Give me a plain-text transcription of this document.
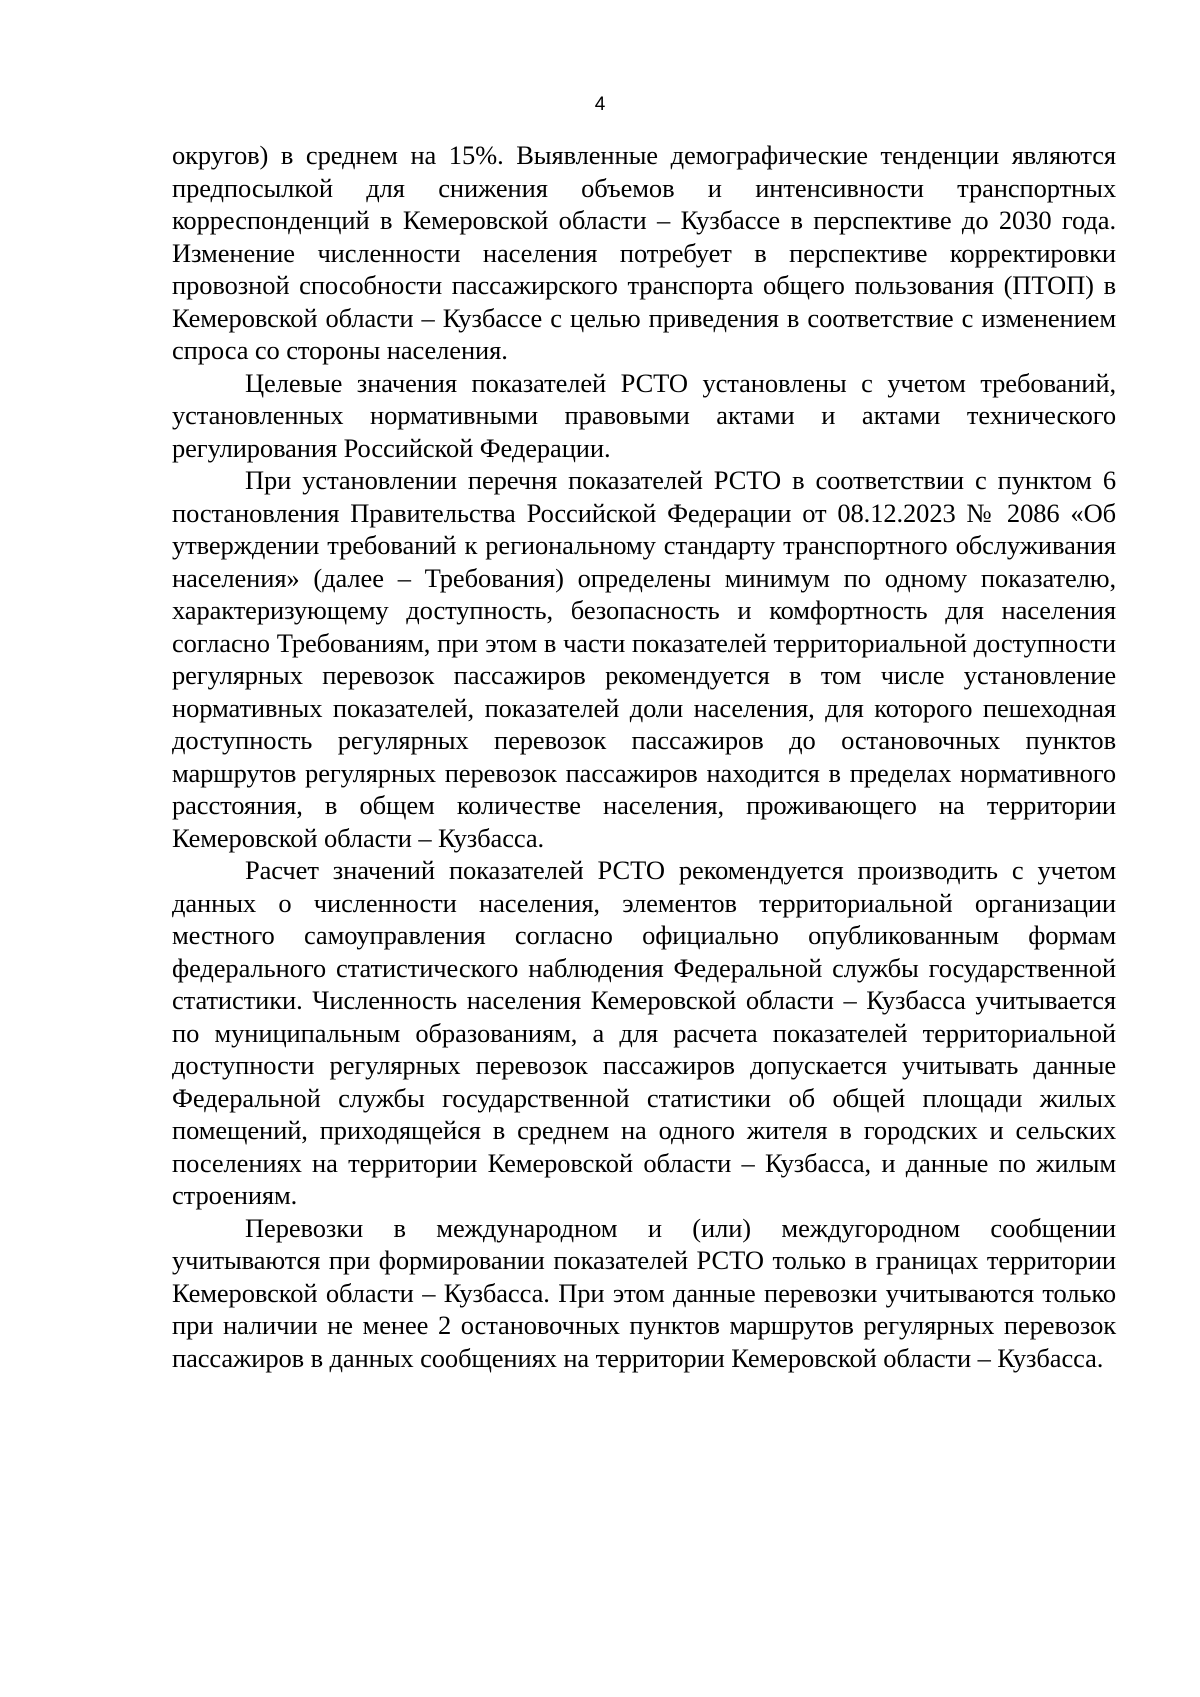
4

округов) в среднем на 15%. Выявленные демографические тенденции являются предпосылкой для снижения объемов и интенсивности транспортных корреспонденций в Кемеровской области – Кузбассе в перспективе до 2030 года. Изменение численности населения потребует в перспективе корректировки провозной способности пассажирского транспорта общего пользования (ПТОП) в Кемеровской области – Кузбассе с целью приведения в соответствие с изменением спроса со стороны населения.

Целевые значения показателей РСТО установлены с учетом требований, установленных нормативными правовыми актами и актами технического регулирования Российской Федерации.

При установлении перечня показателей РСТО в соответствии с пунктом 6 постановления Правительства Российской Федерации от 08.12.2023 № 2086 «Об утверждении требований к региональному стандарту транспортного обслуживания населения» (далее – Требования) определены минимум по одному показателю, характеризующему доступность, безопасность и комфортность для населения согласно Требованиям, при этом в части показателей территориальной доступности регулярных перевозок пассажиров рекомендуется в том числе установление нормативных показателей, показателей доли населения, для которого пешеходная доступность регулярных перевозок пассажиров до остановочных пунктов маршрутов регулярных перевозок пассажиров находится в пределах нормативного расстояния, в общем количестве населения, проживающего на территории Кемеровской области – Кузбасса.

Расчет значений показателей РСТО рекомендуется производить с учетом данных о численности населения, элементов территориальной организации местного самоуправления согласно официально опубликованным формам федерального статистического наблюдения Федеральной службы государственной статистики. Численность населения Кемеровской области – Кузбасса учитывается по муниципальным образованиям, а для расчета показателей территориальной доступности регулярных перевозок пассажиров допускается учитывать данные Федеральной службы государственной статистики об общей площади жилых помещений, приходящейся в среднем на одного жителя в городских и сельских поселениях на территории Кемеровской области – Кузбасса, и данные по жилым строениям.

Перевозки в международном и (или) междугородном сообщении учитываются при формировании показателей РСТО только в границах территории Кемеровской области – Кузбасса. При этом данные перевозки учитываются только при наличии не менее 2 остановочных пунктов маршрутов регулярных перевозок пассажиров в данных сообщениях на территории Кемеровской области – Кузбасса.
